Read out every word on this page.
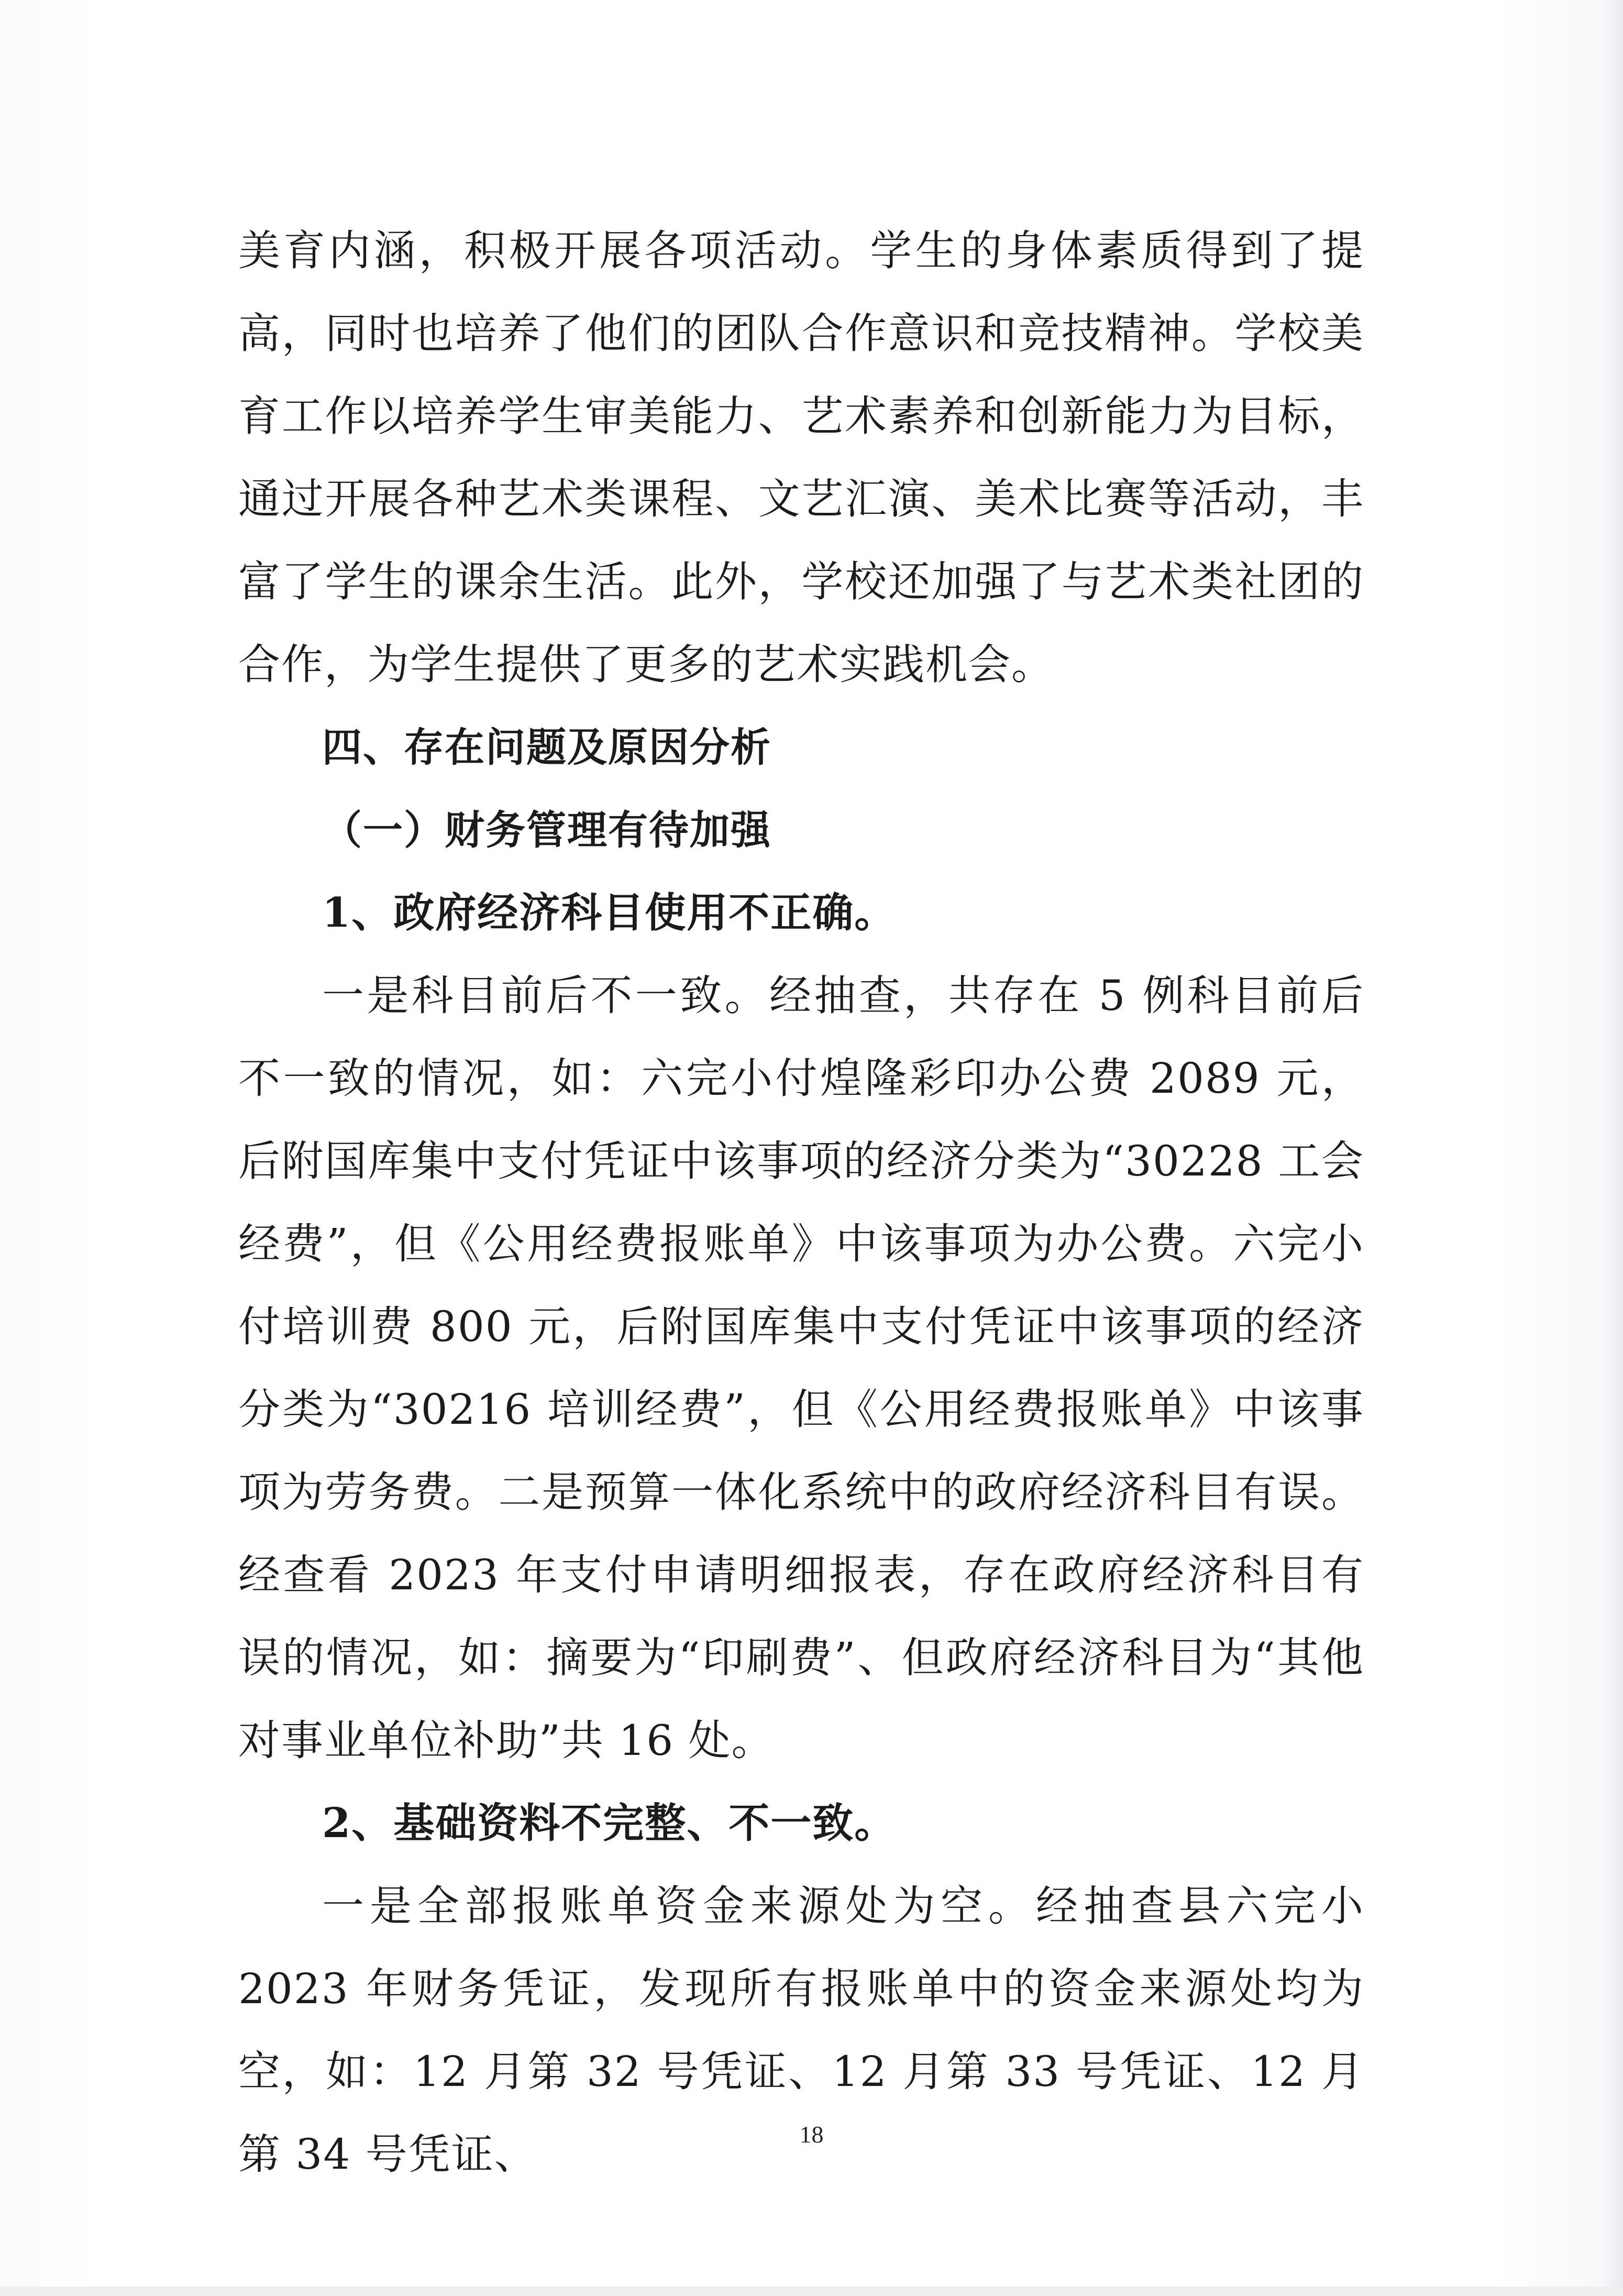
美育内涵，积极开展各项活动。学生的身体素质得到了提高，同时也培养了他们的团队合作意识和竞技精神。学校美育工作以培养学生审美能力、艺术素养和创新能力为目标，通过开展各种艺术类课程、文艺汇演、美术比赛等活动，丰富了学生的课余生活。此外，学校还加强了与艺术类社团的合作，为学生提供了更多的艺术实践机会。

四、存在问题及原因分析

（一）财务管理有待加强

1、政府经济科目使用不正确。

一是科目前后不一致。经抽查，共存在 5 例科目前后不一致的情况，如：六完小付煌隆彩印办公费 2089 元，后附国库集中支付凭证中该事项的经济分类为“30228 工会经费”，但《公用经费报账单》中该事项为办公费。六完小付培训费 800 元，后附国库集中支付凭证中该事项的经济分类为“30216 培训经费”，但《公用经费报账单》中该事项为劳务费。二是预算一体化系统中的政府经济科目有误。经查看 2023 年支付申请明细报表，存在政府经济科目有误的情况，如：摘要为“印刷费”、但政府经济科目为“其他对事业单位补助”共 16 处。

2、基础资料不完整、不一致。

一是全部报账单资金来源处为空。经抽查县六完小 2023 年财务凭证，发现所有报账单中的资金来源处均为空，如：12 月第 32 号凭证、12 月第 33 号凭证、12 月第 34 号凭证、	18
